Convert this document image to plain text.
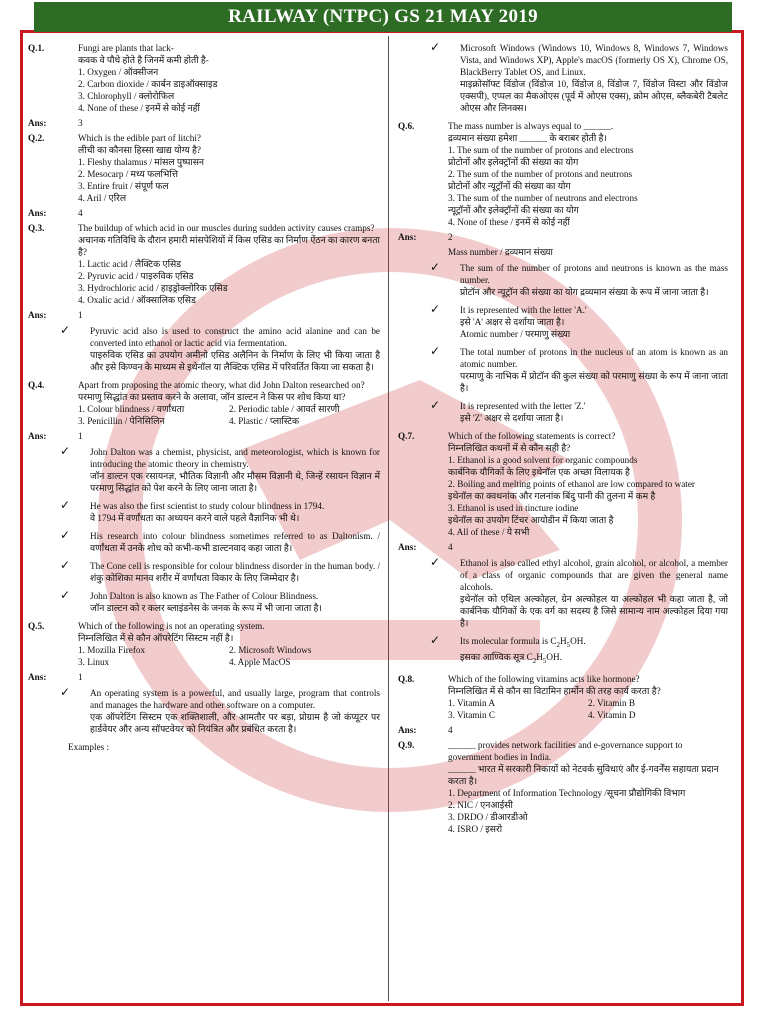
RAILWAY (NTPC) GS 21 MAY 2019
Q.1.	Fungi are plants that lack-
कवक वे पौधे होते है जिनमें कमी होती है-
1. Oxygen / ऑक्सीजन
2. Carbon dioxide / कार्बन डाइऑक्साइड
3. Chlorophyll / क्लोरोफिल
4. None of these / इनमें से कोई नहीं
Ans:	3
Q.2.	Which is the edible part of litchi?
लीची का कौनसा हिस्सा खाद्य योग्य है?
1. Fleshy thalamus / मांसल पुष्पासन
2. Mesocarp / मध्य फलभित्ति
3. Entire fruit / संपूर्ण फल
4. Aril / एरिल
Ans:	4
Q.3.	The buildup of which acid in our muscles during sudden activity causes cramps?
अचानक गतिविधि के दौरान हमारी मांसपेशियों में किस एसिड का निर्माण ऐंठन का कारण बनता है?
1. Lactic acid / लैक्टिक एसिड
2. Pyruvic acid / पाइरुविक एसिड
3. Hydrochloric acid / हाइड्रोक्लोरिक एसिड
4. Oxalic acid / ऑक्सालिक एसिड
Ans:	1
✓ Pyruvic acid also is used to construct the amino acid alanine and can be converted into ethanol or lactic acid via fermentation.
पाइरुविक एसिड का उपयोग अमीनो एसिड अलैनिन के निर्माण के लिए भी किया जाता है और इसे किण्वन के माध्यम से इथेनॉल या लैक्टिक एसिड में परिवर्तित किया जा सकता है।
Q.4.	Apart from proposing the atomic theory, what did John Dalton researched on?
परमाणु सिद्धांत का प्रस्ताव करने के अलावा, जॉन डाल्टन ने किस पर शोध किया था?
1. Colour blindness / वर्णांधता	2. Periodic table / आवर्त सारणी
3. Penicillin / पेनिसिलिन	4. Plastic / प्लास्टिक
Ans:	1
✓ John Dalton was a chemist, physicist, and meteorologist, which is known for introducing the atomic theory in chemistry.
जॉन डाल्टन एक रसायनज्ञ, भौतिक विज्ञानी और मौसम विज्ञानी थे, जिन्हें रसायन विज्ञान में परमाणु सिद्धांत को पेश करने के लिए जाना जाता है।
✓ He was also the first scientist to study colour blindness in 1794.
वे 1794 में वर्णांधता का अध्ययन करने वाले पहले वैज्ञानिक भी थे।
✓ His research into colour blindness sometimes referred to as Daltonism. / वर्णांधता में उनके शोध को कभी-कभी डाल्टनवाद कहा जाता है।
✓ The Cone cell is responsible for colour blindness disorder in the human body. / शंकु कोशिका मानव शरीर में वर्णांधता विकार के लिए जिम्मेदार है।
✓ John Dalton is also known as The Father of Colour Blindness.
जॉन डाल्टन को र कलर ब्लाइंडनेस के जनक के रूप में भी जाना जाता है।
Q.5.	Which of the following is not an operating system.
निम्नलिखित में से कौन ऑपरेटिंग सिस्टम नहीं है।
1. Mozilla Firefox	2. Microsoft Windows
3. Linux	4. Apple MacOS
Ans:	1
✓ An operating system is a powerful, and usually large, program that controls and manages the hardware and other software on a computer.
एक ऑपरेटिंग सिस्टम एक शक्तिशाली, और आमतौर पर बड़ा, प्रोग्राम है जो कंप्यूटर पर हार्डवेयर और अन्य सॉफ्टवेयर को नियंत्रित और प्रबंधित करता है।
Examples :
✓ Microsoft Windows (Windows 10, Windows 8, Windows 7, Windows Vista, and Windows XP), Apple's macOS (formerly OS X), Chrome OS, BlackBerry Tablet OS, and Linux.
माइक्रोसॉफ्ट विंडोज (विंडोज 10, विंडोज 8, विंडोज 7, विंडोज विस्टा और विंडोज एक्सपी), एप्पल का मैकओएस (पूर्व में ओएस एक्स), क्रोम ओएस, ब्लैकबेरी टैबलेट ओएस और लिनक्स।
Q.6.	The mass number is always equal to ______.
द्रव्यमान संख्या हमेशा ______ के बराबर होती है।
1. The sum of the number of protons and electrons
प्रोटोनों और इलेक्ट्रॉनों की संख्या का योग
2. The sum of the number of protons and neutrons
प्रोटोनों और न्यूट्रॉनों की संख्या का योग
3. The sum of the number of neutrons and electrons
न्यूट्रॉनों और इलेक्ट्रॉनों की संख्या का योग
4. None of these / इनमें से कोई नहीं
Ans:	2
Mass number / द्रव्यमान संख्या
✓ The sum of the number of protons and neutrons is known as the mass number.
प्रोटॉन और न्यूट्रॉन की संख्या का योग द्रव्यमान संख्या के रूप में जाना जाता है।
✓ It is represented with the letter 'A.'
इसे 'A' अक्षर से दर्शाया जाता है।
Atomic number / परमाणु संख्या
✓ The total number of protons in the nucleus of an atom is known as an atomic number.
परमाणु के नाभिक में प्रोटॉन की कुल संख्या को परमाणु संख्या के रूप में जाना जाता है।
✓ It is represented with the letter 'Z.'
इसे 'Z' अक्षर से दर्शाया जाता है।
Q.7.	Which of the following statements is correct?
निम्नलिखित कथनों में से कौन सही है?
1. Ethanol is a good solvent for organic compounds
कार्बनिक यौगिकों के लिए इथेनॉल एक अच्छा विलायक है
2. Boiling and melting points of ethanol are low compared to water
इथेनॉल का क्वथनांक और गलनांक बिंदु पानी की तुलना में कम है
3. Ethanol is used in tincture iodine
इथेनॉल का उपयोग टिंचर आयोडीन में किया जाता है
4. All of these / ये सभी
Ans:	4
✓ Ethanol is also called ethyl alcohol, grain alcohol, or alcohol, a member of a class of organic compounds that are given the general name alcohols.
इथेनॉल को एथिल अल्कोहल, ग्रेन अल्कोहल या अल्कोहल भी कहा जाता है, जो कार्बनिक यौगिकों के एक वर्ग का सदस्य है जिसे सामान्य नाम अल्कोहल दिया गया है।
✓ Its molecular formula is $C_2H_5OH$.
इसका आण्विक सूत्र $C_2H_5OH$.
Q.8.	Which of the following vitamins acts like hormone?
निम्नलिखित में से कौन सा विटामिन हार्मोन की तरह कार्य करता है?
1. Vitamin A	2. Vitamin B
3. Vitamin C	4. Vitamin D
Ans:	4
Q.9.	______ provides network facilities and e-governance support to government bodies in India.
______ भारत में सरकारी निकायों को नेटवर्क सुविधाएं और ई-गवर्नेंस सहायता प्रदान करता है।
1. Department of Information Technology /सूचना प्रौद्योगिकी विभाग
2. NIC / एनआईसी
3. DRDO / डीआरडीओ
4. ISRO / इसरो
